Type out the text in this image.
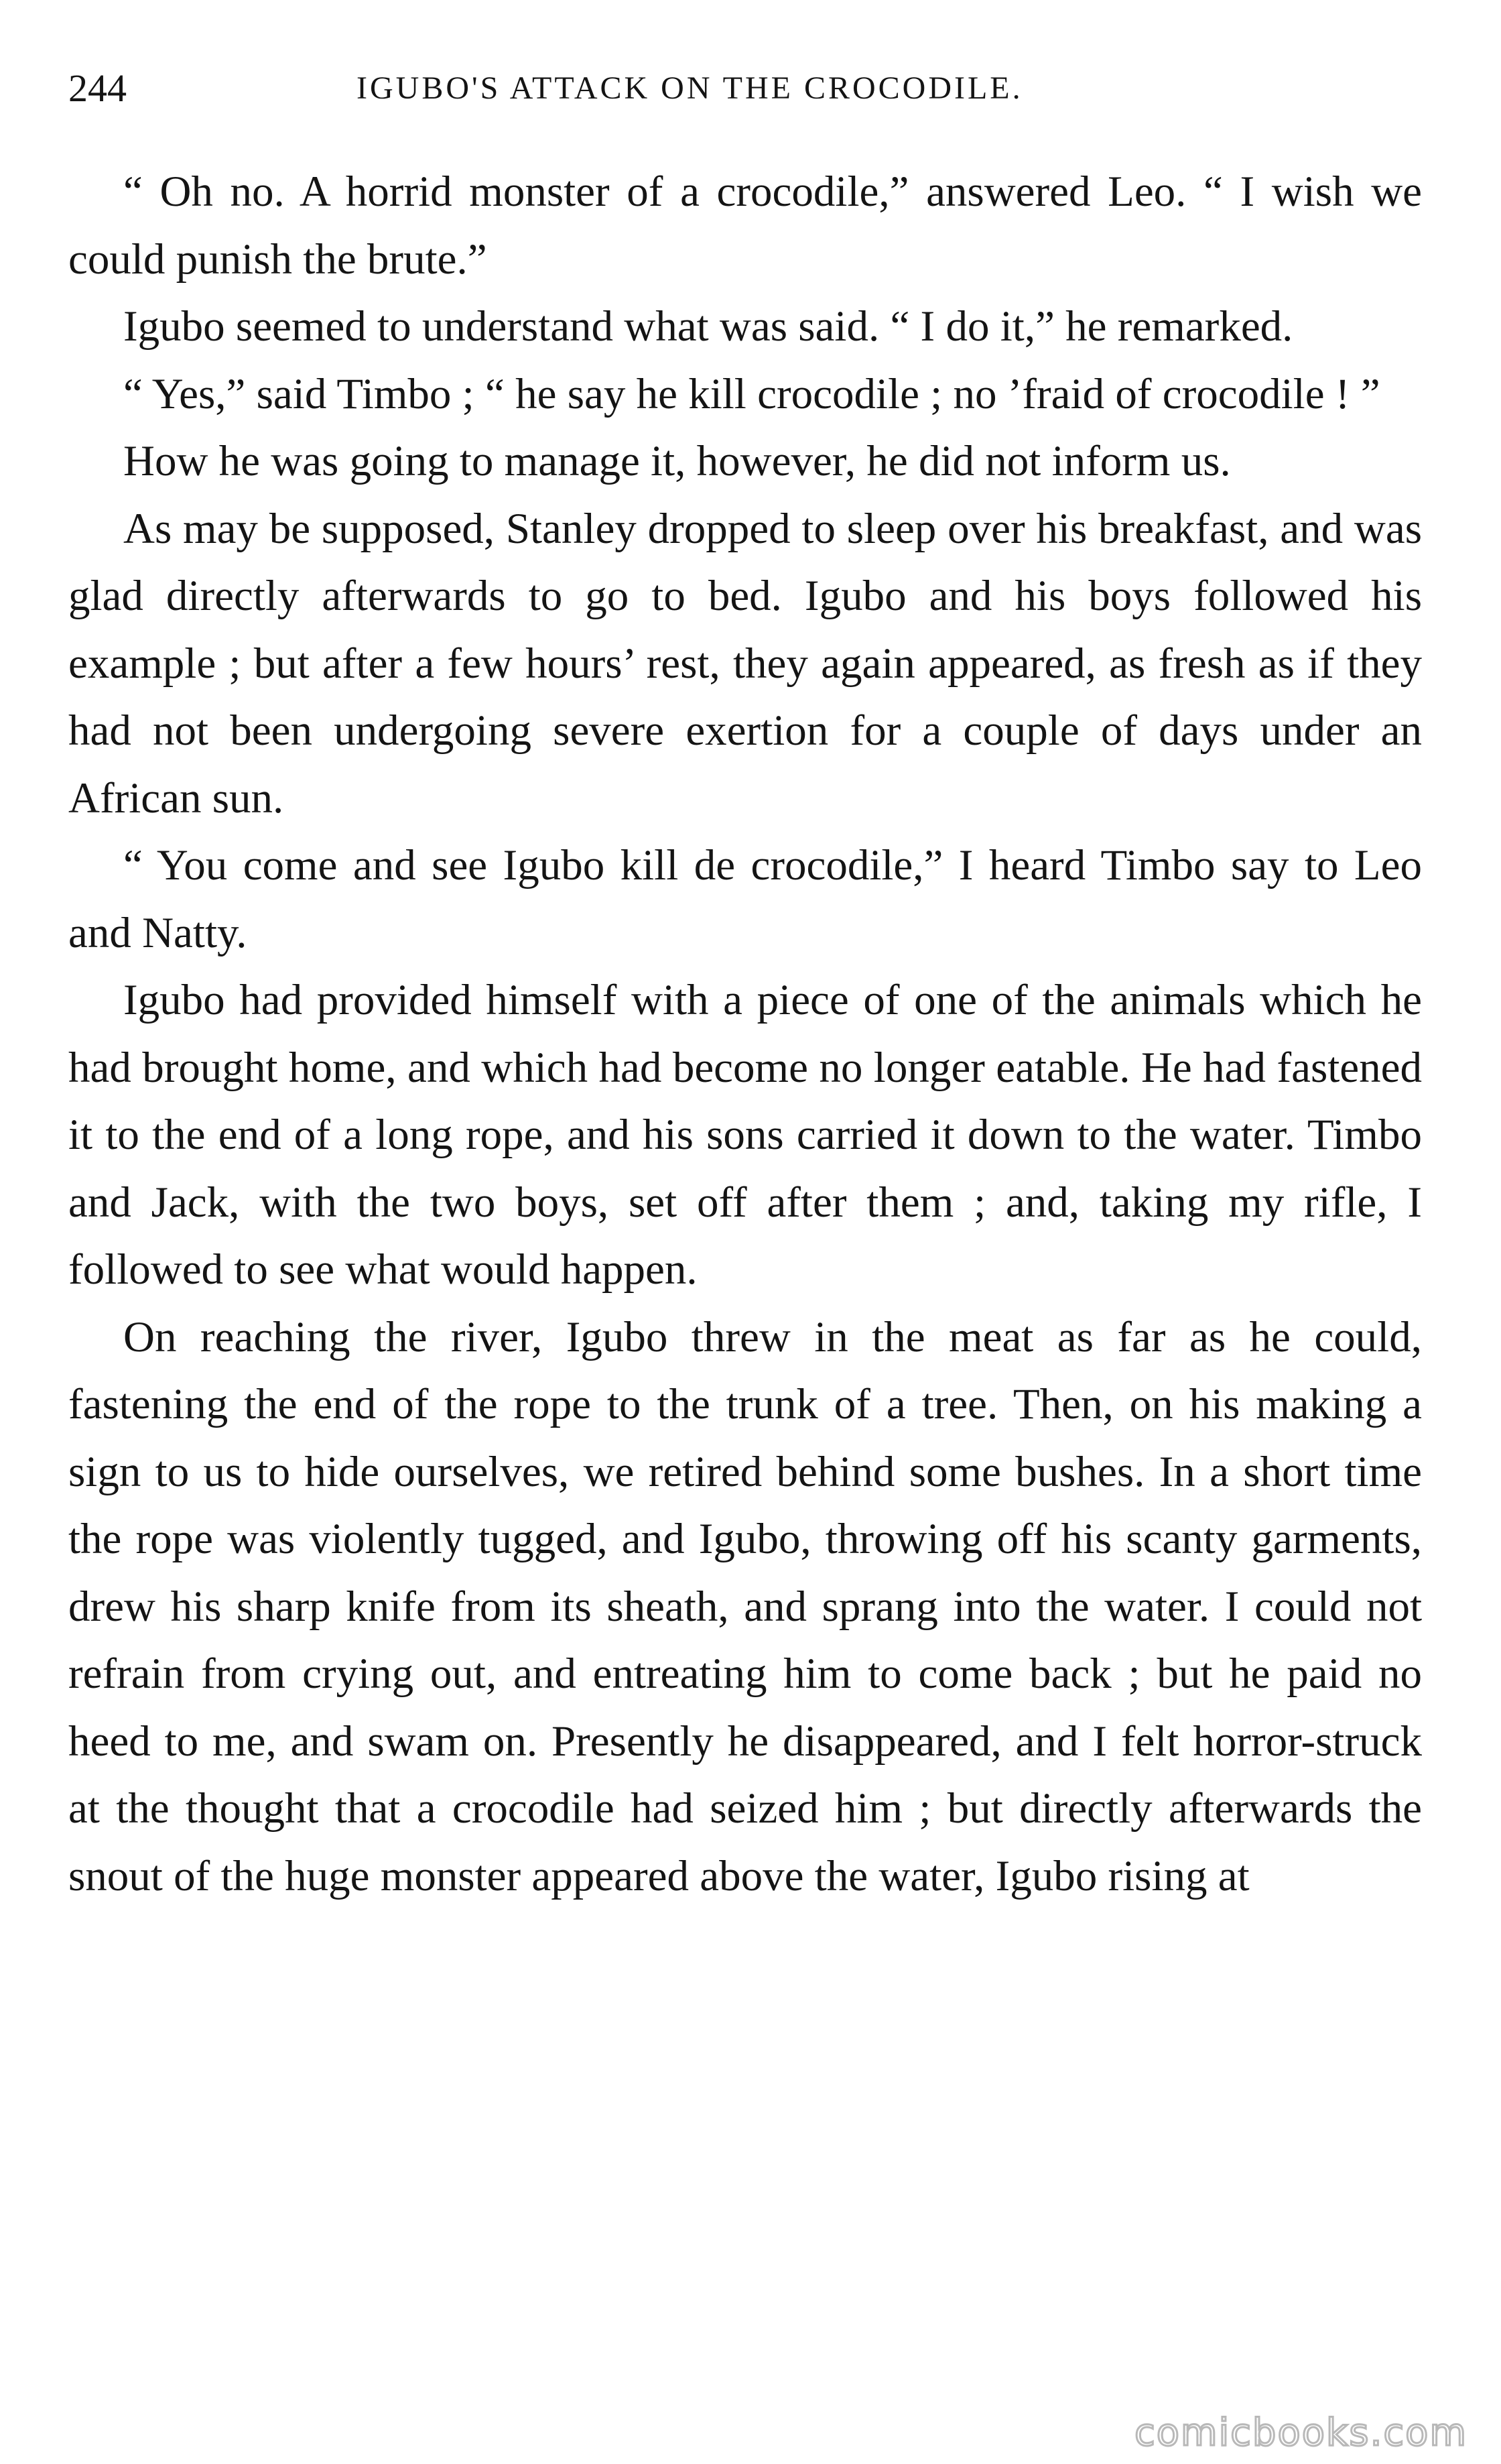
244	IGUBO'S ATTACK ON THE CROCODILE.

“ Oh no. A horrid monster of a crocodile,” answered Leo. “ I wish we could punish the brute.”

Igubo seemed to understand what was said. “ I do it,” he remarked.

“ Yes,” said Timbo ; “ he say he kill crocodile ; no ’fraid of crocodile ! ”

How he was going to manage it, however, he did not inform us.

As may be supposed, Stanley dropped to sleep over his breakfast, and was glad directly afterwards to go to bed. Igubo and his boys followed his example ; but after a few hours’ rest, they again appeared, as fresh as if they had not been undergoing severe exertion for a couple of days under an African sun.

“ You come and see Igubo kill de crocodile,” I heard Timbo say to Leo and Natty.

Igubo had provided himself with a piece of one of the animals which he had brought home, and which had become no longer eatable. He had fastened it to the end of a long rope, and his sons carried it down to the water. Timbo and Jack, with the two boys, set off after them ; and, taking my rifle, I followed to see what would happen.

On reaching the river, Igubo threw in the meat as far as he could, fastening the end of the rope to the trunk of a tree. Then, on his making a sign to us to hide ourselves, we retired behind some bushes. In a short time the rope was violently tugged, and Igubo, throwing off his scanty garments, drew his sharp knife from its sheath, and sprang into the water. I could not refrain from crying out, and entreating him to come back ; but he paid no heed to me, and swam on. Presently he disappeared, and I felt horror-struck at the thought that a crocodile had seized him ; but directly afterwards the snout of the huge monster appeared above the water, Igubo rising at

comicbooks.com
